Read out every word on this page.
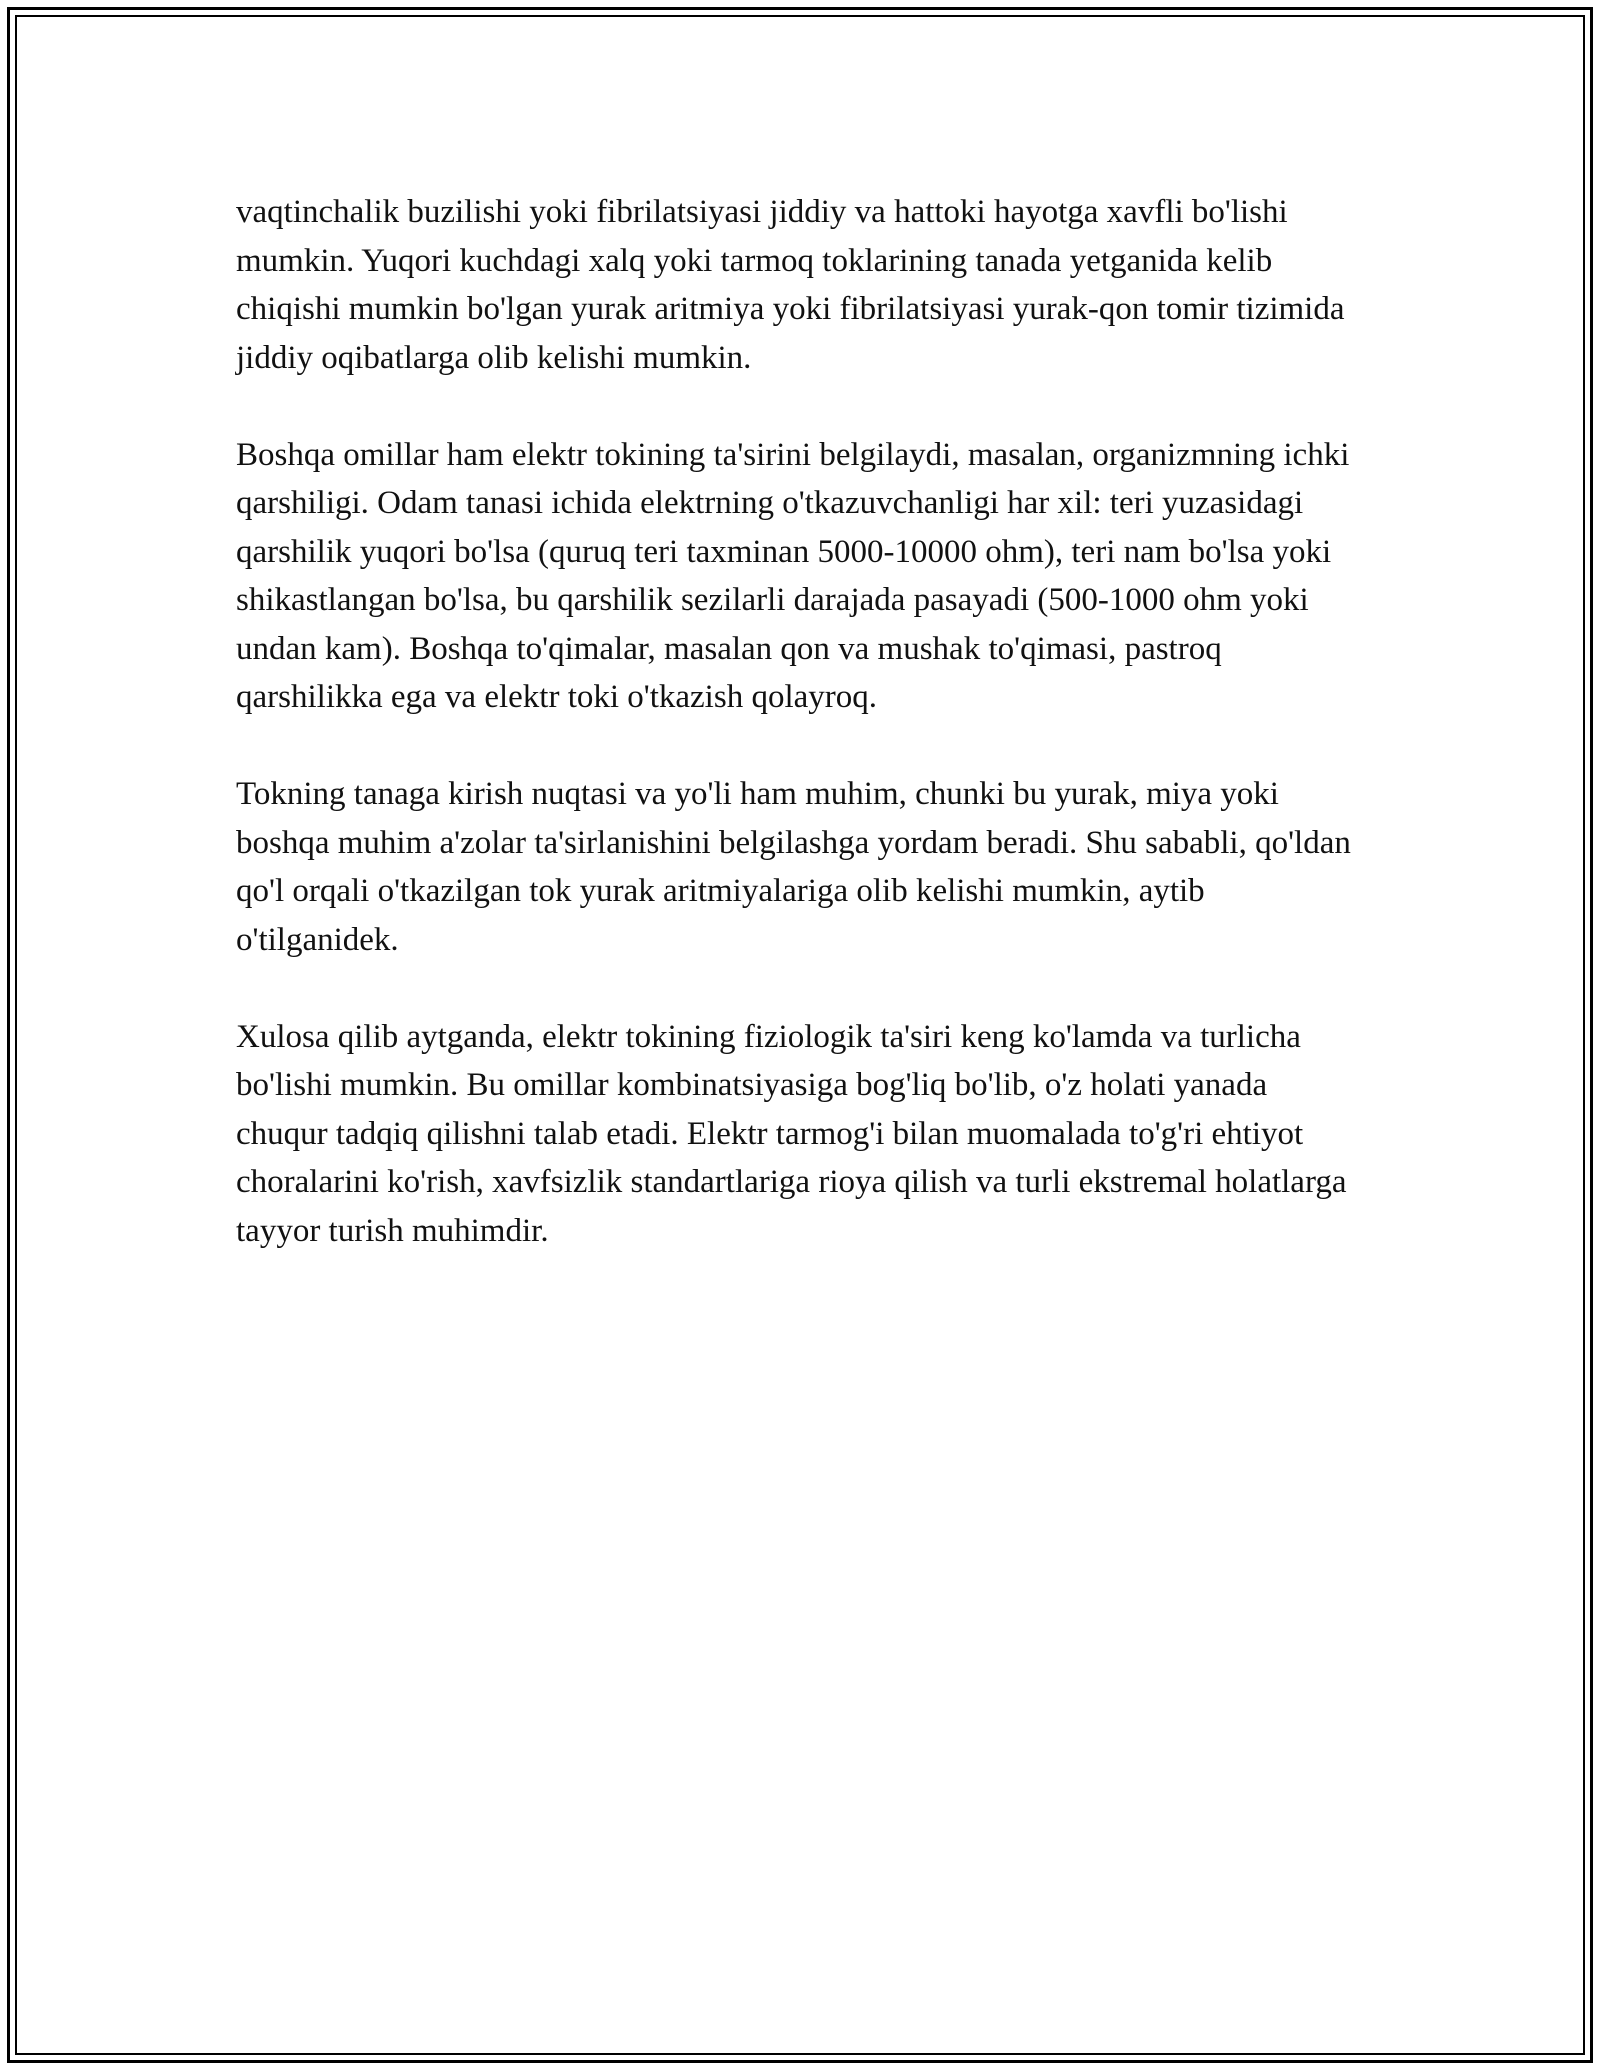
vaqtinchalik buzilishi yoki fibrilatsiyasi jiddiy va hattoki hayotga xavfli bo'lishi mumkin. Yuqori kuchdagi xalq yoki tarmoq toklarining tanada yetganida kelib chiqishi mumkin bo'lgan yurak aritmiya yoki fibrilatsiyasi yurak-qon tomir tizimida jiddiy oqibatlarga olib kelishi mumkin.

Boshqa omillar ham elektr tokining ta'sirini belgilaydi, masalan, organizmning ichki qarshiligi. Odam tanasi ichida elektrning o'tkazuvchanligi har xil: teri yuzasidagi qarshilik yuqori bo'lsa (quruq teri taxminan 5000-10000 ohm), teri nam bo'lsa yoki shikastlangan bo'lsa, bu qarshilik sezilarli darajada pasayadi (500-1000 ohm yoki undan kam). Boshqa to'qimalar, masalan qon va mushak to'qimasi, pastroq qarshilikka ega va elektr toki o'tkazish qolayroq.

Tokning tanaga kirish nuqtasi va yo'li ham muhim, chunki bu yurak, miya yoki boshqa muhim a'zolar ta'sirlanishini belgilashga yordam beradi. Shu sababli, qo'ldan qo'l orqali o'tkazilgan tok yurak aritmiyalariga olib kelishi mumkin, aytib o'tilganidek.

Xulosa qilib aytganda, elektr tokining fiziologik ta'siri keng ko'lamda va turlicha bo'lishi mumkin. Bu omillar kombinatsiyasiga bog'liq bo'lib, o'z holati yanada chuqur tadqiq qilishni talab etadi. Elektr tarmog'i bilan muomalada to'g'ri ehtiyot choralarini ko'rish, xavfsizlik standartlariga rioya qilish va turli ekstremal holatlarga tayyor turish muhimdir.
